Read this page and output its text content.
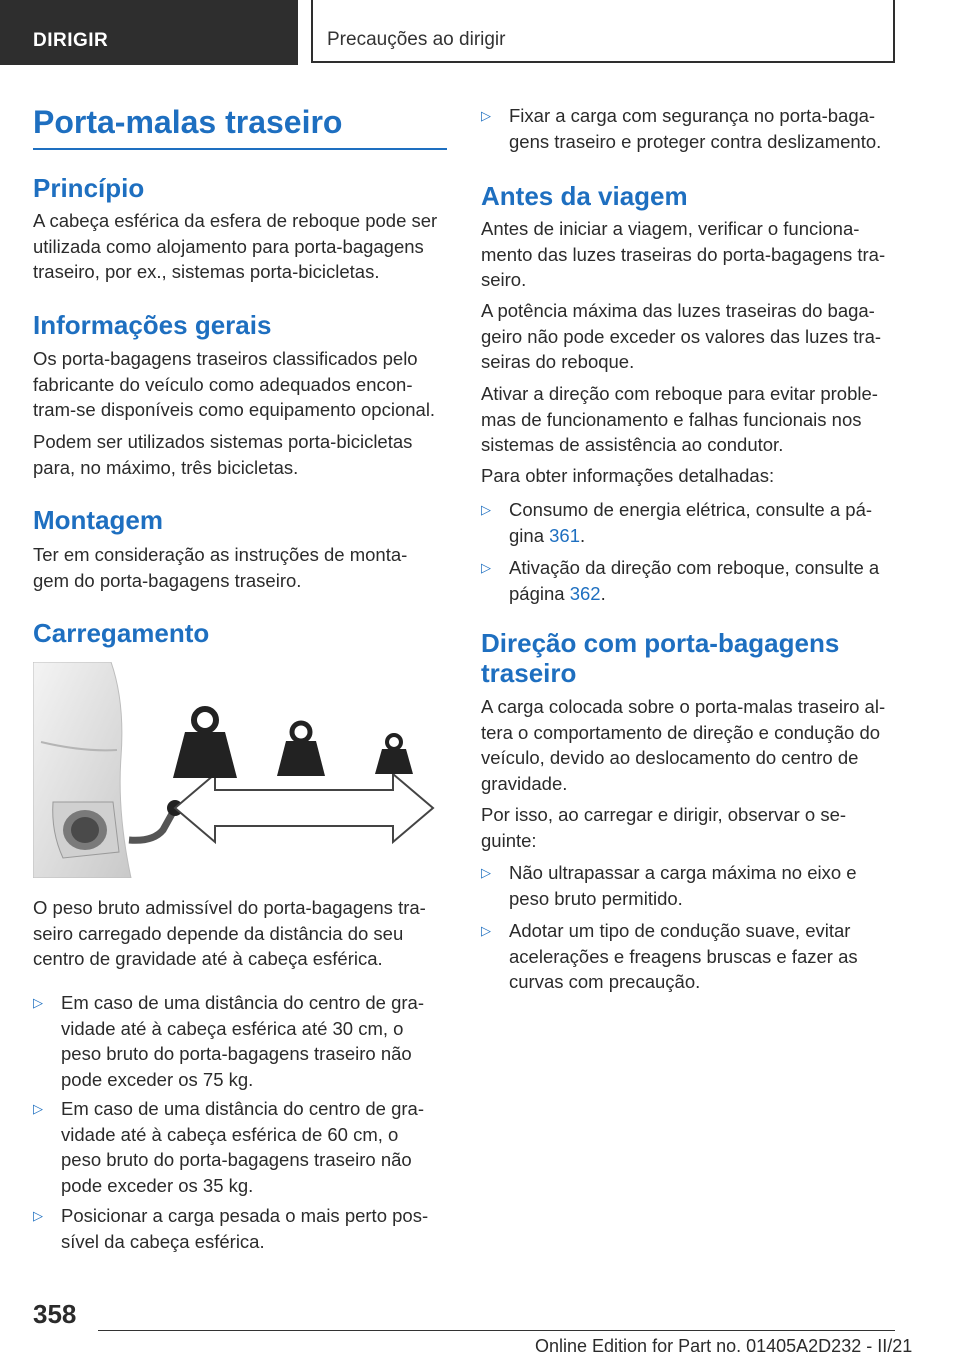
DIRIGIR	Precauções ao dirigir
Porta-malas traseiro
Princípio
A cabeça esférica da esfera de reboque pode ser
utilizada como alojamento para porta-bagagens
traseiro, por ex., sistemas porta-bicicletas.
Informações gerais
Os porta-bagagens traseiros classificados pelo
fabricante do veículo como adequados encon-
tram-se disponíveis como equipamento opcional.
Podem ser utilizados sistemas porta-bicicletas
para, no máximo, três bicicletas.
Montagem
Ter em consideração as instruções de monta-
gem do porta-bagagens traseiro.
Carregamento
O peso bruto admissível do porta-bagagens tra-
seiro carregado depende da distância do seu
centro de gravidade até à cabeça esférica.
▷ Em caso de uma distância do centro de gra-
vidade até à cabeça esférica até 30 cm, o
peso bruto do porta-bagagens traseiro não
pode exceder os 75 kg.
▷ Em caso de uma distância do centro de gra-
vidade até à cabeça esférica de 60 cm, o
peso bruto do porta-bagagens traseiro não
pode exceder os 35 kg.
▷ Posicionar a carga pesada o mais perto pos-
sível da cabeça esférica.
▷ Fixar a carga com segurança no porta-baga-
gens traseiro e proteger contra deslizamento.
Antes da viagem
Antes de iniciar a viagem, verificar o funciona-
mento das luzes traseiras do porta-bagagens tra-
seiro.
A potência máxima das luzes traseiras do baga-
geiro não pode exceder os valores das luzes tra-
seiras do reboque.
Ativar a direção com reboque para evitar proble-
mas de funcionamento e falhas funcionais nos
sistemas de assistência ao condutor.
Para obter informações detalhadas:
▷ Consumo de energia elétrica, consulte a pá-
gina 361.
▷ Ativação da direção com reboque, consulte a
página 362.
Direção com porta-bagagens
traseiro
A carga colocada sobre o porta-malas traseiro al-
tera o comportamento de direção e condução do
veículo, devido ao deslocamento do centro de
gravidade.
Por isso, ao carregar e dirigir, observar o se-
guinte:
▷ Não ultrapassar a carga máxima no eixo e
peso bruto permitido.
▷ Adotar um tipo de condução suave, evitar
acelerações e freagens bruscas e fazer as
curvas com precaução.
358
Online Edition for Part no. 01405A2D232 - II/21
